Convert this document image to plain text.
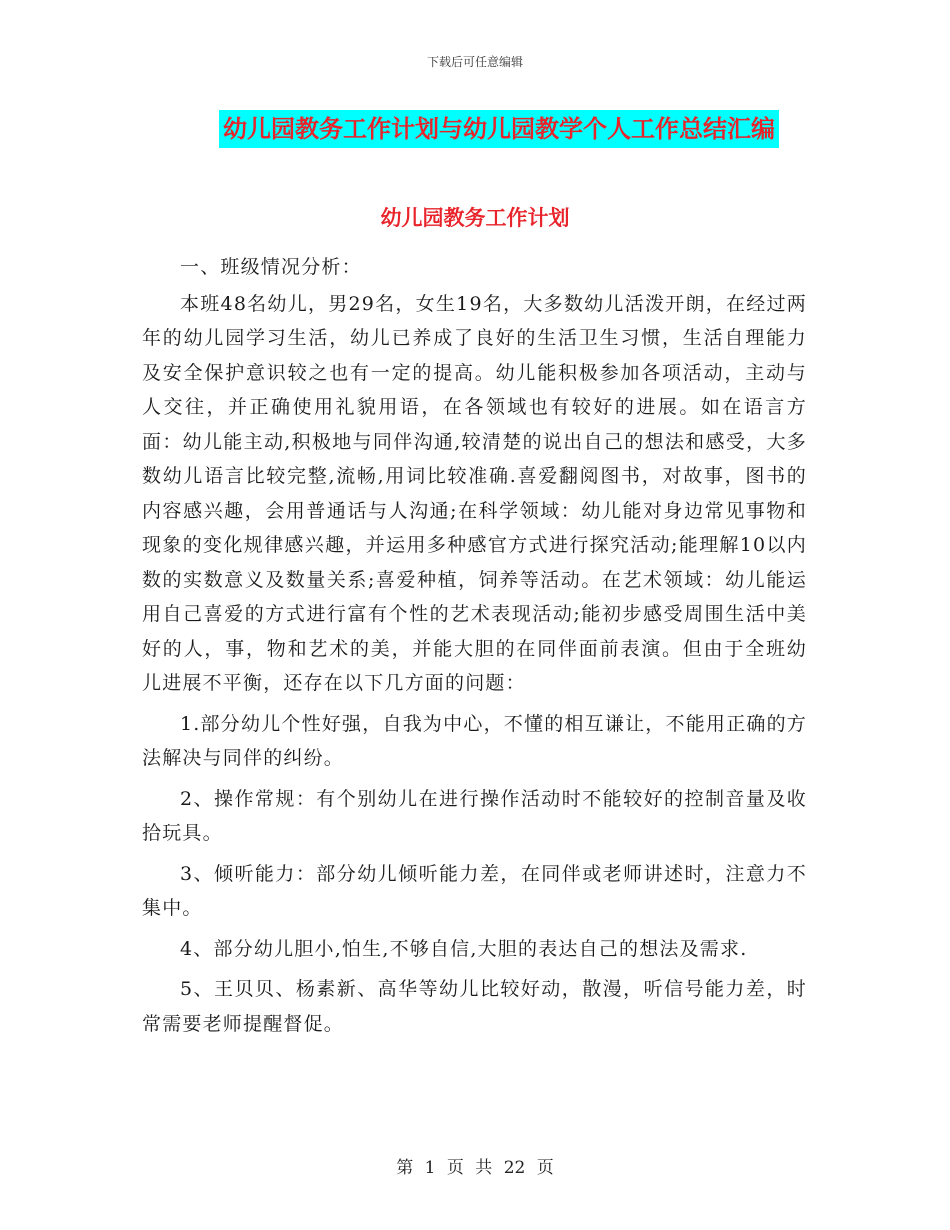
下载后可任意编辑
幼儿园教务工作计划与幼儿园教学个人工作总结汇编
幼儿园教务工作计划

一、班级情况分析：

本班48名幼儿，男29名，女生19名，大多数幼儿活泼开朗，在经过两年的幼儿园学习生活，幼儿已养成了良好的生活卫生习惯，生活自理能力及安全保护意识较之也有一定的提高。幼儿能积极参加各项活动，主动与人交往，并正确使用礼貌用语，在各领域也有较好的进展。如在语言方面：幼儿能主动,积极地与同伴沟通,较清楚的说出自己的想法和感受，大多数幼儿语言比较完整,流畅,用词比较准确.喜爱翻阅图书，对故事，图书的内容感兴趣，会用普通话与人沟通;在科学领域：幼儿能对身边常见事物和现象的变化规律感兴趣，并运用多种感官方式进行探究活动;能理解10以内数的实数意义及数量关系;喜爱种植，饲养等活动。在艺术领域：幼儿能运用自己喜爱的方式进行富有个性的艺术表现活动;能初步感受周围生活中美好的人，事，物和艺术的美，并能大胆的在同伴面前表演。但由于全班幼儿进展不平衡，还存在以下几方面的问题：

1.部分幼儿个性好强，自我为中心，不懂的相互谦让，不能用正确的方法解决与同伴的纠纷。

2、操作常规：有个别幼儿在进行操作活动时不能较好的控制音量及收拾玩具。

3、倾听能力：部分幼儿倾听能力差，在同伴或老师讲述时，注意力不集中。

4、部分幼儿胆小,怕生,不够自信,大胆的表达自己的想法及需求.

5、王贝贝、杨素新、高华等幼儿比较好动，散漫，听信号能力差，时常需要老师提醒督促。

第 1 页 共 22 页
